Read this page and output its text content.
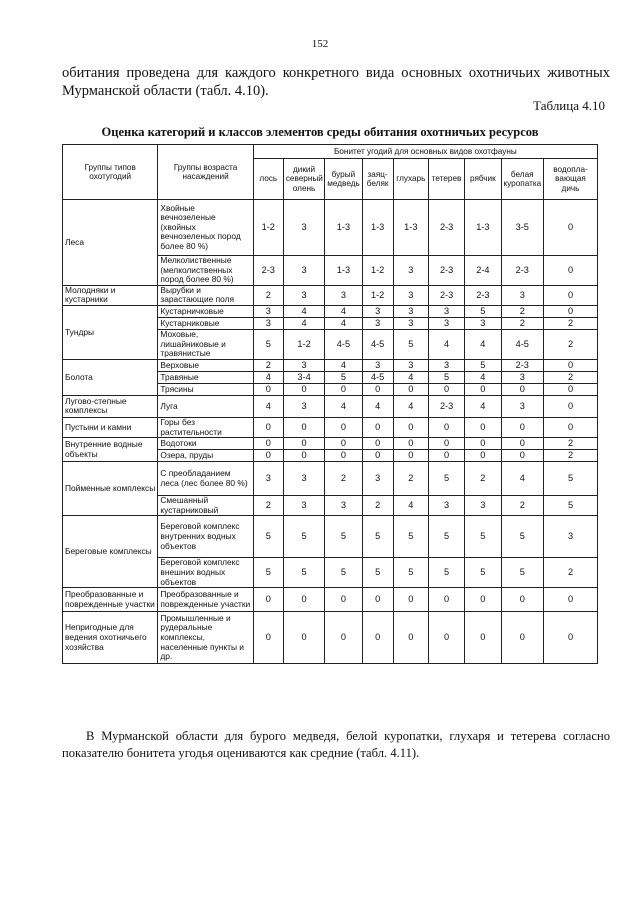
152
обитания проведена для каждого конкретного вида основных охотничьих животных Мурманской области (табл. 4.10).
Таблица 4.10
Оценка категорий и классов элементов среды обитания охотничьих ресурсов
Группы типов охотугодий	Группы возраста насаждений	Бонитет угодий для основных видов охотфауны								
		лось	дикий северный олень	бурый медведь	заяц-беляк	глухарь	тетерев	рябчик	белая куропатка	водопла-вающая дичь
Леса	Хвойные вечнозеленые (хвойных вечнозеленых пород более 80 %)	1-2	3	1-3	1-3	1-3	2-3	1-3	3-5	0
	Мелколиственные (мелколиственных пород более 80 %)	2-3	3	1-3	1-2	3	2-3	2-4	2-3	0
Молодняки и кустарники	Вырубки и зарастающие поля	2	3	3	1-2	3	2-3	2-3	3	0
Тундры	Кустарничковые	3	4	4	3	3	3	5	2	0
	Кустарниковые	3	4	4	3	3	3	3	2	2
	Моховые, лишайниковые и травянистые	5	1-2	4-5	4-5	5	4	4	4-5	2
Болота	Верховые	2	3	4	3	3	3	5	2-3	0
	Травяные	4	3-4	5	4-5	4	5	4	3	2
	Трясины	0	0	0	0	0	0	0	0	0
Лугово-степные комплексы	Луга	4	3	4	4	4	2-3	4	3	0
Пустыни и камни	Горы без растительности	0	0	0	0	0	0	0	0	0
Внутренние водные объекты	Водотоки	0	0	0	0	0	0	0	0	2
	Озера, пруды	0	0	0	0	0	0	0	0	2
Пойменные комплексы	С преобладанием леса (лес более 80 %)	3	3	2	3	2	5	2	4	5
	Смешанный кустарниковый	2	3	3	2	4	3	3	2	5
Береговые комплексы	Береговой комплекс внутренних водных объектов	5	5	5	5	5	5	5	5	3
	Береговой комплекс внешних водных объектов	5	5	5	5	5	5	5	5	2
Преобразованные и поврежденные участки	Преобразованные и поврежденные участки	0	0	0	0	0	0	0	0	0
Непригодные для ведения охотничьего хозяйства	Промышленные и рудеральные комплексы, населенные пункты и др.	0	0	0	0	0	0	0	0	0
В Мурманской области для бурого медведя, белой куропатки, глухаря и тетерева согласно показателю бонитета угодья оцениваются как средние (табл. 4.11).
